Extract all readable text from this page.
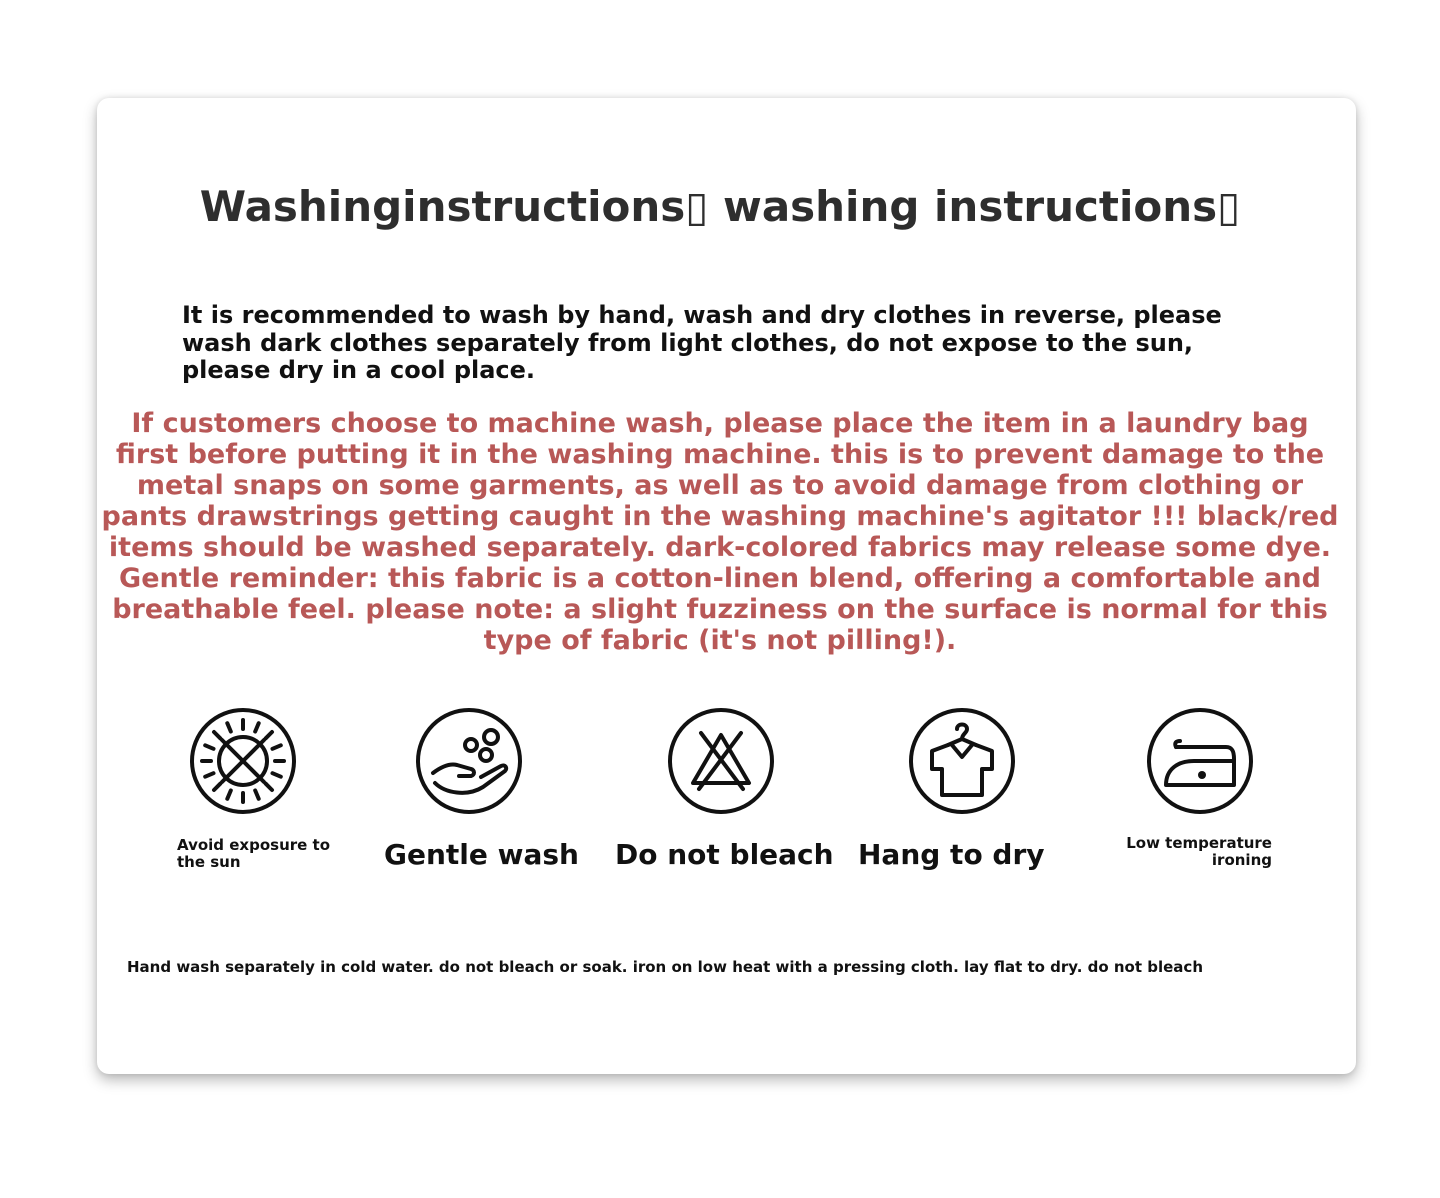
Washinginstructions▯ washing instructions▯
It is recommended to wash by hand, wash and dry clothes in reverse, please wash dark clothes separately from light clothes, do not expose to the sun, please dry in a cool place.
If customers choose to machine wash, please place the item in a laundry bag first before putting it in the washing machine. this is to prevent damage to the metal snaps on some garments, as well as to avoid damage from clothing or pants drawstrings getting caught in the washing machine's agitator !!! black/red items should be washed separately. dark-colored fabrics may release some dye. Gentle reminder: this fabric is a cotton-linen blend, offering a comfortable and breathable feel. please note: a slight fuzziness on the surface is normal for this type of fabric (it's not pilling!).
Avoid exposure to
the sun	Gentle wash Do not bleach Hang to dry	Low temperature
ironing
Hand wash separately in cold water. do not bleach or soak. iron on low heat with a pressing cloth. lay flat to dry. do not bleach
